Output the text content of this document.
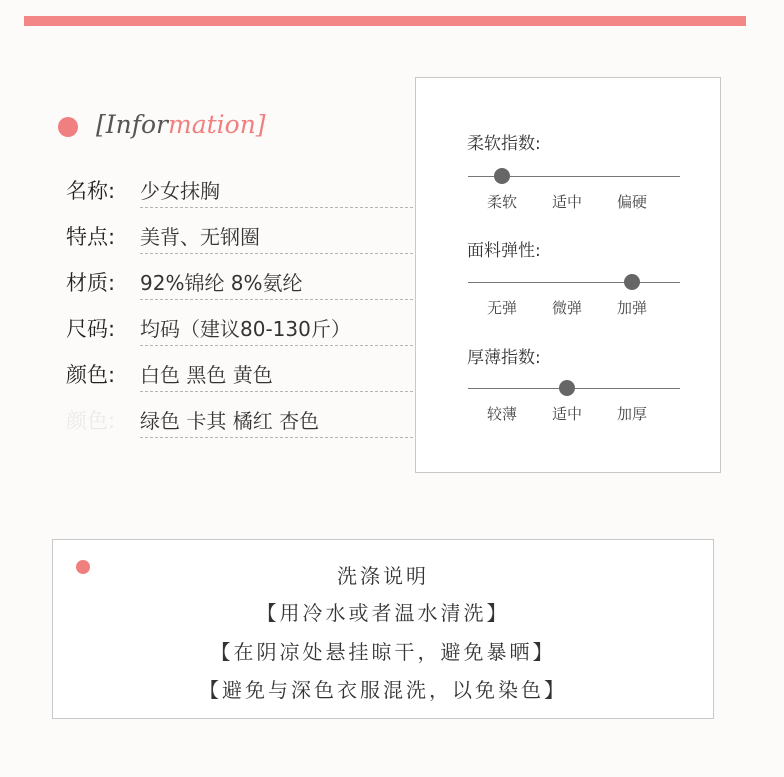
[Information]
名称: 少女抹胸
特点: 美背、无钢圈
材质: 92%锦纶 8%氨纶
尺码: 均码（建议80-130斤）
颜色: 白色 黑色 黄色
颜色: 绿色 卡其 橘红 杏色
柔软指数:
柔软 适中 偏硬
面料弹性:
无弹 微弹 加弹
厚薄指数:
较薄 适中 加厚
洗涤说明
【用冷水或者温水清洗】
【在阴凉处悬挂晾干，避免暴晒】
【避免与深色衣服混洗，以免染色】
